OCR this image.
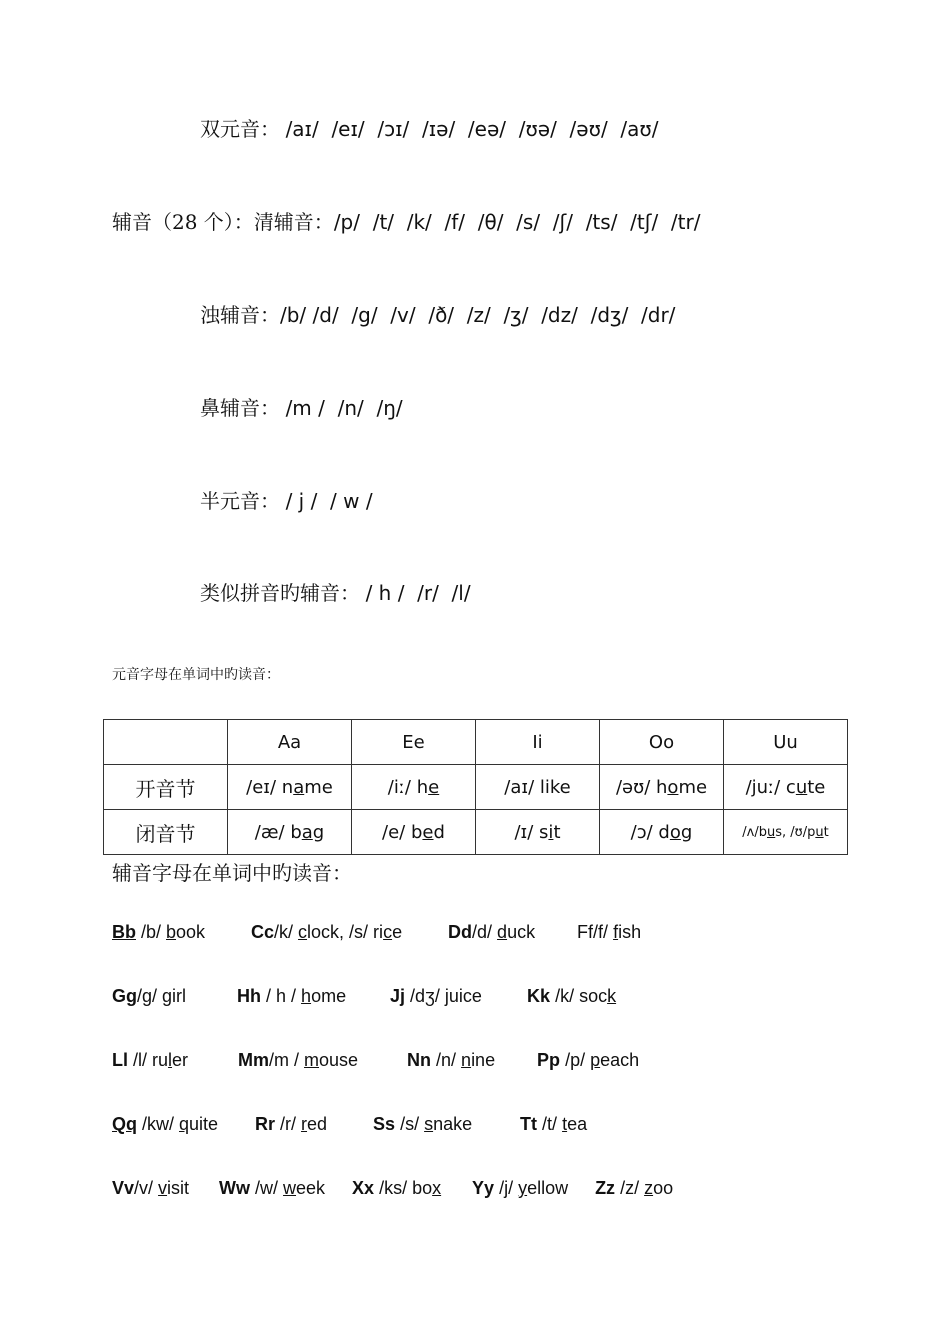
双元音： /aɪ/  /eɪ/  /ɔɪ/  /ɪə/  /eə/  /ʊə/  /əʊ/  /aʊ/
辅音（28 个）：清辅音：/p/  /t/  /k/  /f/  /θ/  /s/  /ʃ/  /ts/  /tʃ/  /tr/
浊辅音：/b/ /d/  /g/  /v/  /ð/  /z/  /ʒ/  /dz/  /dʒ/  /dr/
鼻辅音： /m /  /n/  /ŋ/
半元音： / j /  / w /
类似拼音旳辅音： / h /  /r/  /l/
元音字母在单词中旳读音：
	Aa	Ee	Ii	Oo	Uu
开音节	/eɪ/ name	/iː/ he	/aɪ/ like	/əʊ/ home	/juː/ cute
闭音节	/æ/ bag	/e/ bed	/ɪ/ sit	/ɔ/ dog	/ʌ/bus, /ʊ/put
辅音字母在单词中旳读音：
Bb /b/ book	Cc/k/ clock, /s/ rice	Dd/d/ duck Ff/f/ fish
Gg/g/ girl	Hh / h / home Jj /dʒ/ juice	Kk /k/ sock
Ll /l/ ruler	Mm/m / mouse	Nn /n/ nine Pp /p/ peach
Qq /kw/ quite Rr /r/ red	Ss /s/ snake	Tt /t/ tea
Vv/v/ visit Ww /w/ week Xx /ks/ box Yy /j/ yellow Zz /z/ zoo
